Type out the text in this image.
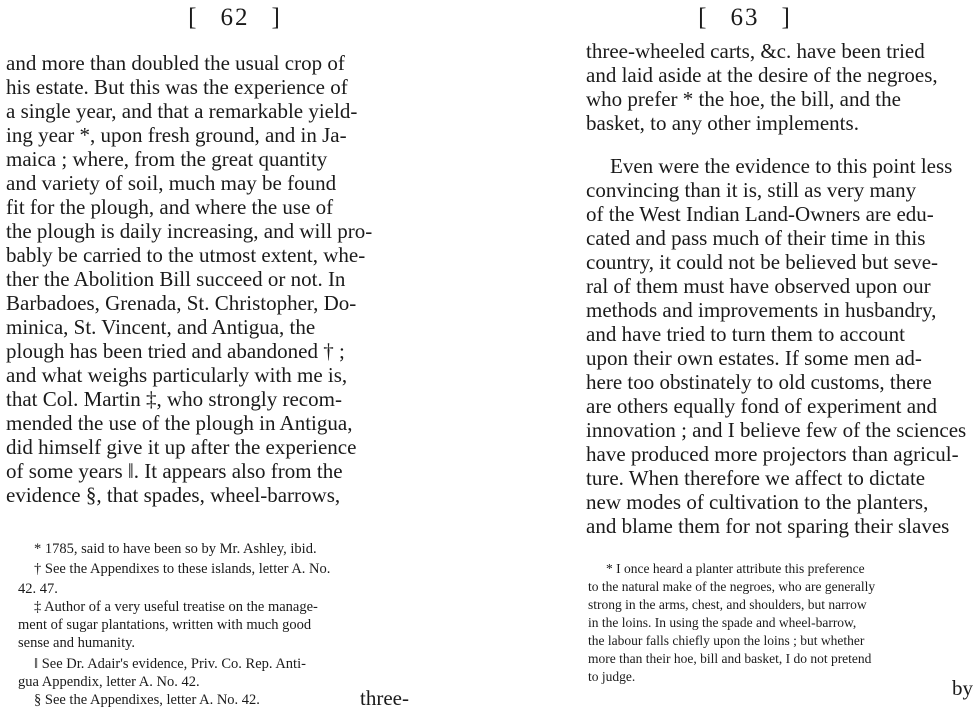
[ 62 ]
and more than doubled the usual crop of
his estate. But this was the experience of
a single year, and that a remarkable yield-
ing year *, upon fresh ground, and in Ja-
maica ; where, from the great quantity
and variety of soil, much may be found
fit for the plough, and where the use of
the plough is daily increasing, and will pro-
bably be carried to the utmost extent, whe-
ther the Abolition Bill succeed or not. In
Barbadoes, Grenada, St. Christopher, Do-
minica, St. Vincent, and Antigua, the
plough has been tried and abandoned † ;
and what weighs particularly with me is,
that Col. Martin ‡, who strongly recom-
mended the use of the plough in Antigua,
did himself give it up after the experience
of some years ‖. It appears also from the
evidence §, that spades, wheel-barrows,
* 1785, said to have been so by Mr. Ashley, ibid.
† See the Appendixes to these islands, letter A. No.
42. 47.
‡ Author of a very useful treatise on the manage-
ment of sugar plantations, written with much good
sense and humanity.
‖ See Dr. Adair's evidence, Priv. Co. Rep. Anti-
gua Appendix, letter A. No. 42.
§ See the Appendixes, letter A. No. 42.	three-
[ 63 ]
three-wheeled carts, &c. have been tried
and laid aside at the desire of the negroes,
who prefer * the hoe, the bill, and the
basket, to any other implements.
Even were the evidence to this point less
convincing than it is, still as very many
of the West Indian Land-Owners are edu-
cated and pass much of their time in this
country, it could not be believed but seve-
ral of them must have observed upon our
methods and improvements in husbandry,
and have tried to turn them to account
upon their own estates. If some men ad-
here too obstinately to old customs, there
are others equally fond of experiment and
innovation ; and I believe few of the sciences
have produced more projectors than agricul-
ture. When therefore we affect to dictate
new modes of cultivation to the planters,
and blame them for not sparing their slaves
* I once heard a planter attribute this preference
to the natural make of the negroes, who are generally
strong in the arms, chest, and shoulders, but narrow
in the loins. In using the spade and wheel-barrow,
the labour falls chiefly upon the loins ; but whether
more than their hoe, bill and basket, I do not pretend
to judge.	by
